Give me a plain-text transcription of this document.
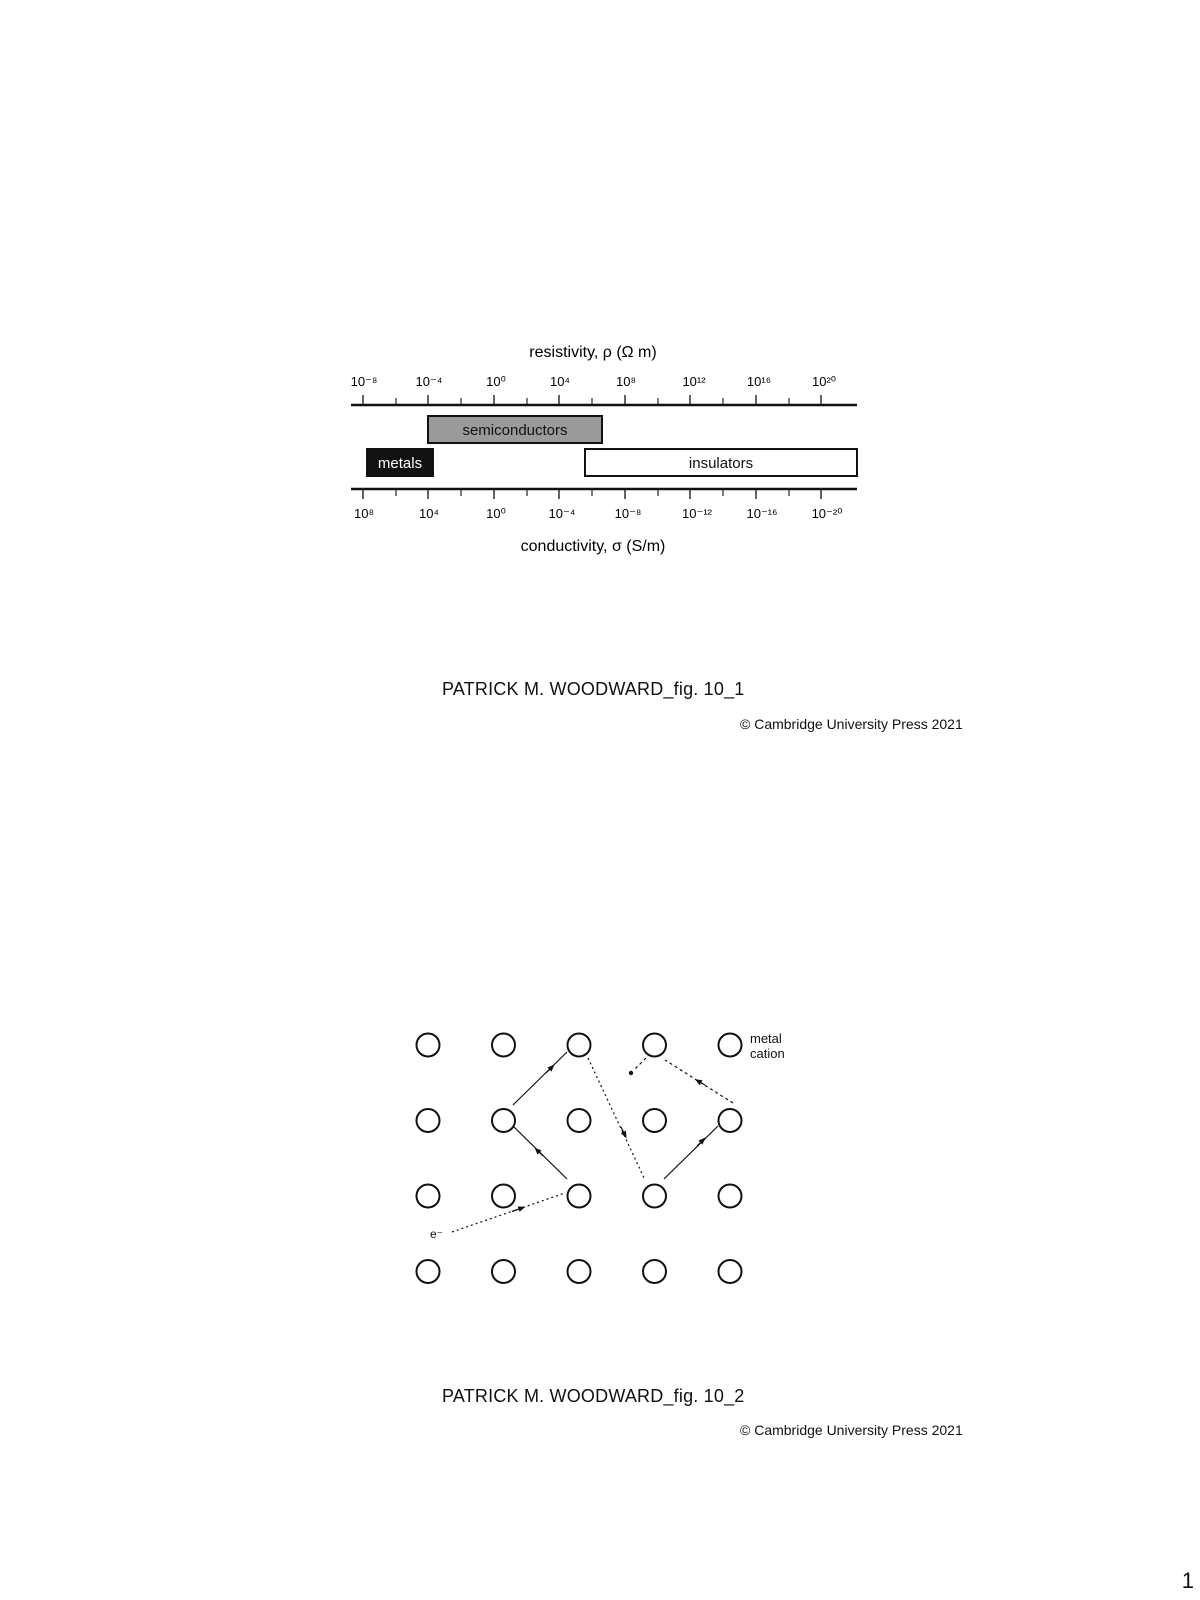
resistivity, ρ (Ω m)
10⁻⁸	10⁻⁴	10⁰	10⁴	10⁸	10¹²	10¹⁶	10²⁰
semiconductors
metals	insulators
10⁸	10⁴	10⁰	10⁻⁴	10⁻⁸	10⁻¹²	10⁻¹⁶	10⁻²⁰
conductivity, σ (S/m)
PATRICK M. WOODWARD_fig. 10_1
© Cambridge University Press 2021
e⁻
metal
cation
PATRICK M. WOODWARD_fig. 10_2
© Cambridge University Press 2021
1
